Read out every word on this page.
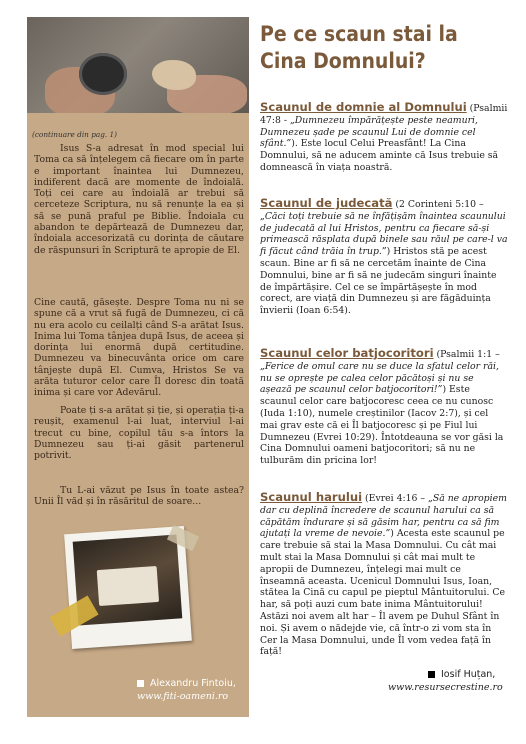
(continuare din pag. 1)

Isus S-a adresat în mod special lui Toma ca să înțelegem că fiecare om în parte e important înaintea lui Dumnezeu, indiferent dacă are momente de îndoială. Toți cei care au îndoială ar trebui să cerceteze Scriptura, nu să renunțe la ea și să se pună praful pe Biblie. Îndoiala cu abandon te depărtează de Dumnezeu dar, îndoiala accesorizată cu dorința de căutare de răspunsuri în Scriptură te apropie de El.

Cine caută, găsește. Despre Toma nu ni se spune că a vrut să fugă de Dumnezeu, ci că nu era acolo cu ceilalți când S-a arătat Isus. Inima lui Toma tânjea după Isus, de aceea și dorința lui enormă după certitudine. Dumnezeu va binecuvânta orice om care tânjește după El. Cumva, Hristos Se va arăta tuturor celor care Îl doresc din toată inima și care vor Adevărul.

Poate ți s-a arătat și ție, și operația ți-a reușit, examenul l-ai luat, interviul l-ai trecut cu bine, copilul tău s-a întors la Dumnezeu sau ți-ai găsit partenerul potrivit.

Tu L-ai văzut pe Isus în toate astea? Unii Îl văd și în răsăritul de soare...

Alexandru Fintoiu,
www.fiti-oameni.ro
Pe ce scaun stai la
Cina Domnului?

Scaunul de domnie al Domnului (Psalmii 47:8 - „Dumnezeu împărățește peste neamuri, Dumnezeu șade pe scaunul Lui de domnie cel sfânt.”). Este locul Celui Preasfânt! La Cina Domnului, să ne aducem aminte că Isus trebuie să domnească în viața noastră.

Scaunul de judecată (2 Corinteni 5:10 – „Căci toți trebuie să ne înfățișăm înaintea scaunului de judecată al lui Hristos, pentru ca fiecare să-și primească răsplata după binele sau răul pe care-l va fi făcut când trăia în trup.”) Hristos stă pe acest scaun. Bine ar fi să ne cercetăm înainte de Cina Domnului, bine ar fi să ne judecăm singuri înainte de împărtășire. Cel ce se împărtășește în mod corect, are viață din Dumnezeu și are făgăduința învierii (Ioan 6:54).

Scaunul celor batjocoritori (Psalmii 1:1 – „Ferice de omul care nu se duce la sfatul celor răi, nu se oprește pe calea celor păcătoși și nu se așează pe scaunul celor batjocoritori!”) Este scaunul celor care batjocoresc ceea ce nu cunosc (Iuda 1:10), numele creștinilor (Iacov 2:7), și cel mai grav este că ei Îl batjocoresc și pe Fiul lui Dumnezeu (Evrei 10:29). Întotdeauna se vor găsi la Cina Domnului oameni batjocoritori; să nu ne tulburăm din pricina lor!

Scaunul harului (Evrei 4:16 – „Să ne apropiem dar cu deplină încredere de scaunul harului ca să căpătăm îndurare și să găsim har, pentru ca să fim ajutați la vreme de nevoie.”) Acesta este scaunul pe care trebuie să stai la Masa Domnului. Cu cât mai mult stai la Masa Domnului și cât mai mult te apropii de Dumnezeu, înțelegi mai mult ce înseamnă aceasta. Ucenicul Domnului Isus, Ioan, stătea la Cină cu capul pe pieptul Mântuitorului. Ce har, să poți auzi cum bate inima Mântuitorului! Astăzi noi avem alt har – Îl avem pe Duhul Sfânt în noi. Și avem o nădejde vie, că într-o zi vom sta în Cer la Masa Domnului, unde Îl vom vedea față în față!

Iosif Huțan,
www.resursecrestine.ro
